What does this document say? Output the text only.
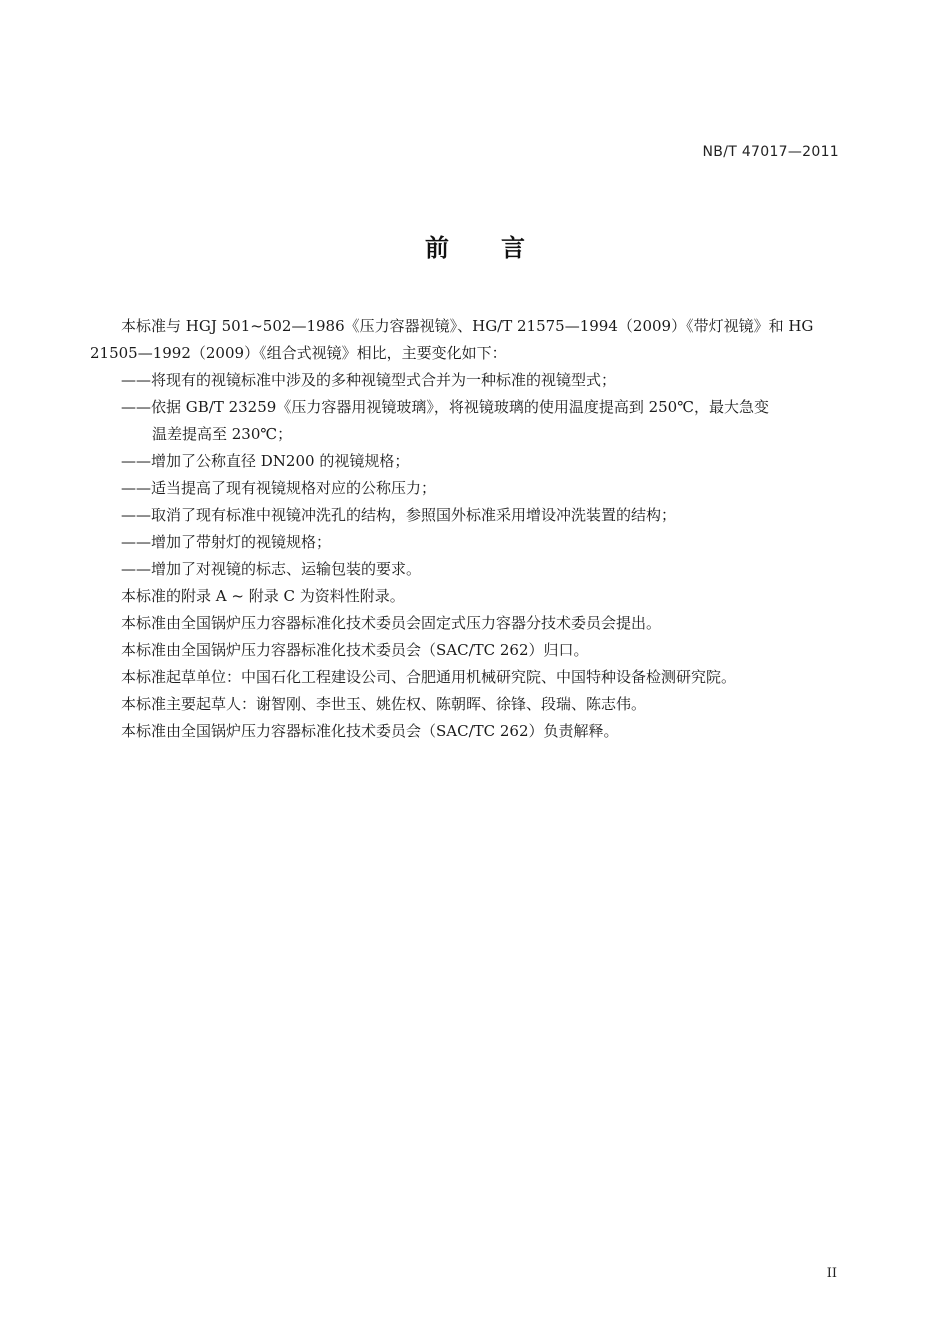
NB/T 47017—2011
前言

本标准与 HGJ 501~502—1986《压力容器视镜》、HG/T 21575—1994（2009）《带灯视镜》和 HG
21505—1992（2009）《组合式视镜》相比，主要变化如下：

——将现有的视镜标准中涉及的多种视镜型式合并为一种标准的视镜型式；

——依据 GB/T 23259《压力容器用视镜玻璃》，将视镜玻璃的使用温度提高到 250℃，最大急变
温差提高至 230℃；

——增加了公称直径 DN200 的视镜规格；

——适当提高了现有视镜规格对应的公称压力；

——取消了现有标准中视镜冲洗孔的结构，参照国外标准采用增设冲洗装置的结构；

——增加了带射灯的视镜规格；

——增加了对视镜的标志、运输包装的要求。

本标准的附录 A ~ 附录 C 为资料性附录。

本标准由全国锅炉压力容器标准化技术委员会固定式压力容器分技术委员会提出。

本标准由全国锅炉压力容器标准化技术委员会（SAC/TC 262）归口。

本标准起草单位：中国石化工程建设公司、合肥通用机械研究院、中国特种设备检测研究院。

本标准主要起草人：谢智刚、李世玉、姚佐权、陈朝晖、徐锋、段瑞、陈志伟。

本标准由全国锅炉压力容器标准化技术委员会（SAC/TC 262）负责解释。

II
